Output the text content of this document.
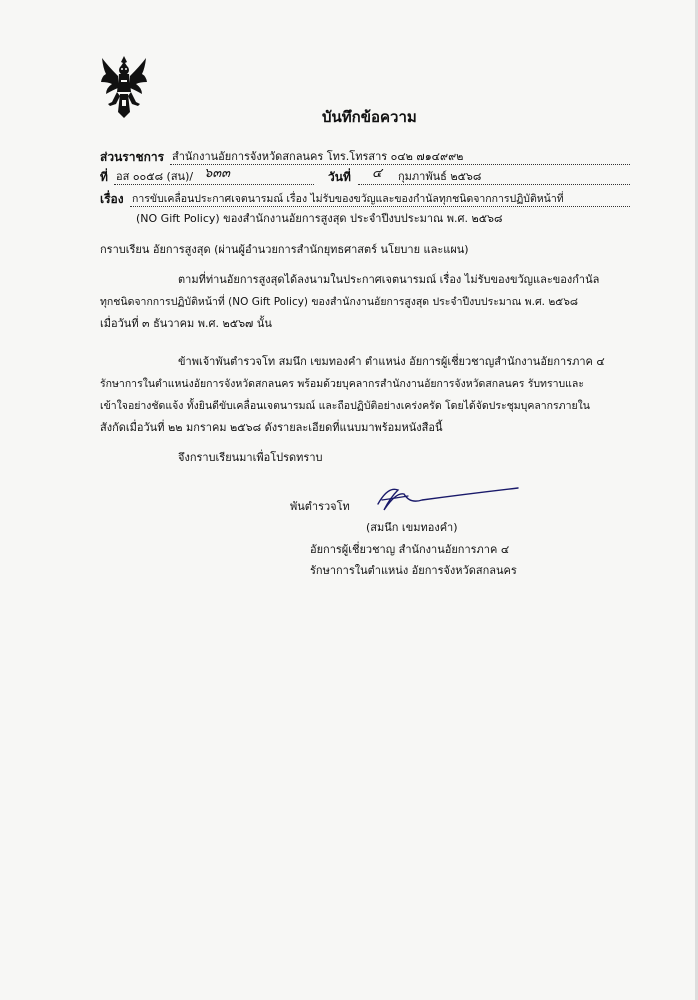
บันทึกข้อความ
ส่วนราชการ สำนักงานอัยการจังหวัดสกลนคร โทร.โทรสาร ๐๔๒ ๗๑๔๙๙๒
ที่ อส ๐๐๕๘ (สน)/ ๖๓๓	วันที่ ๔ กุมภาพันธ์ ๒๕๖๘
เรื่อง การขับเคลื่อนประกาศเจตนารมณ์ เรื่อง ไม่รับของขวัญและของกำนัลทุกชนิดจากการปฏิบัติหน้าที่
(NO Gift Policy) ของสำนักงานอัยการสูงสุด ประจำปีงบประมาณ พ.ศ. ๒๕๖๘
กราบเรียน อัยการสูงสุด (ผ่านผู้อำนวยการสำนักยุทธศาสตร์ นโยบาย และแผน)
ตามที่ท่านอัยการสูงสุดได้ลงนามในประกาศเจตนารมณ์ เรื่อง ไม่รับของขวัญและของกำนัล
ทุกชนิดจากการปฏิบัติหน้าที่ (NO Gift Policy) ของสำนักงานอัยการสูงสุด ประจำปีงบประมาณ พ.ศ. ๒๕๖๘
เมื่อวันที่ ๓ ธันวาคม พ.ศ. ๒๕๖๗ นั้น
ข้าพเจ้าพันตำรวจโท สมนึก เขมทองคำ ตำแหน่ง อัยการผู้เชี่ยวชาญสำนักงานอัยการภาค ๔
รักษาการในตำแหน่งอัยการจังหวัดสกลนคร พร้อมด้วยบุคลากรสำนักงานอัยการจังหวัดสกลนคร รับทราบและ
เข้าใจอย่างชัดแจ้ง ทั้งยินดีขับเคลื่อนเจตนารมณ์ และถือปฏิบัติอย่างเคร่งครัด โดยได้จัดประชุมบุคลากรภายใน
สังกัดเมื่อวันที่ ๒๒ มกราคม ๒๕๖๘ ดังรายละเอียดที่แนบมาพร้อมหนังสือนี้
จึงกราบเรียนมาเพื่อโปรดทราบ
พันตำรวจโท
(สมนึก เขมทองคำ)
อัยการผู้เชี่ยวชาญ สำนักงานอัยการภาค ๔
รักษาการในตำแหน่ง อัยการจังหวัดสกลนคร
